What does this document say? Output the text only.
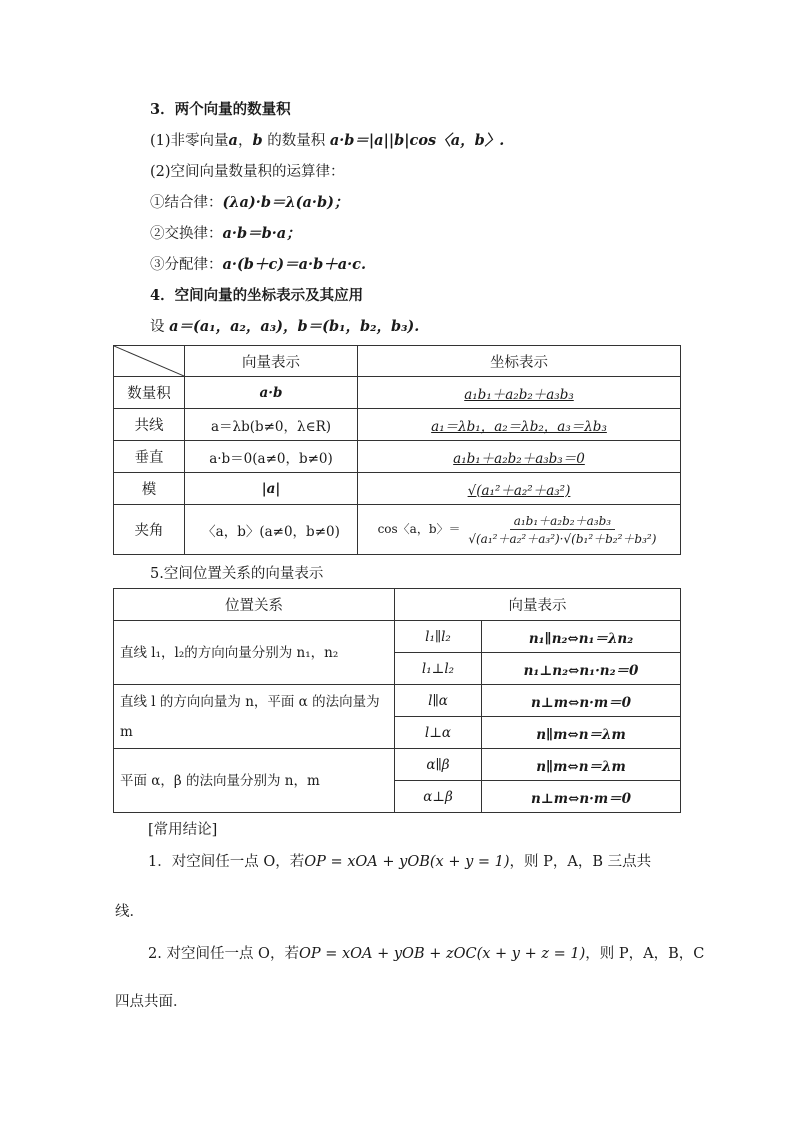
3．两个向量的数量积
(1)非零向量a，b 的数量积 a·b＝|a||b|cos〈a，b〉.
(2)空间向量数量积的运算律：
①结合律：(λa)·b＝λ(a·b)；
②交换律：a·b＝b·a；
③分配律：a·(b＋c)＝a·b＋a·c.
4．空间向量的坐标表示及其应用
设 a＝(a₁，a₂，a₃)，b＝(b₁，b₂，b₃).
	向量表示	坐标表示
数量积	a·b	a₁b₁＋a₂b₂＋a₃b₃
共线	a＝λb(b≠0，λ∈R)	a₁＝λb₁，a₂＝λb₂，a₃＝λb₃
垂直	a·b＝0(a≠0，b≠0)	a₁b₁＋a₂b₂＋a₃b₃＝0
模	|a|	√(a₁²＋a₂²＋a₃²)
夹角	〈a，b〉(a≠0，b≠0)	cos〈a，b〉＝ $\frac{\text{a₁b₁＋a₂b₂＋a₃b₃}}{\text{√(a₁²＋a₂²＋a₃²)·√(b₁²＋b₂²＋b₃²)}}$
5.空间位置关系的向量表示
位置关系	向量表示	
直线 l₁，l₂的方向向量分别为 n₁，n₂	l₁∥l₂	n₁∥n₂⇔n₁＝λn₂
	l₁⊥l₂	n₁⊥n₂⇔n₁·n₂＝0
直线 l 的方向向量为 n，平面 α 的法向量为 m	l∥α	n⊥m⇔n·m＝0
	l⊥α	n∥m⇔n＝λm
平面 α，β 的法向量分别为 n，m	α∥β	n∥m⇔n＝λm
	α⊥β	n⊥m⇔n·m＝0
[常用结论]
1．对空间任一点 O，若OP = xOA + yOB(x + y = 1)，则 P，A，B 三点共
线．
2. 对空间任一点 O，若OP = xOA + yOB + zOC(x + y + z = 1)，则 P，A，B，C
四点共面．
